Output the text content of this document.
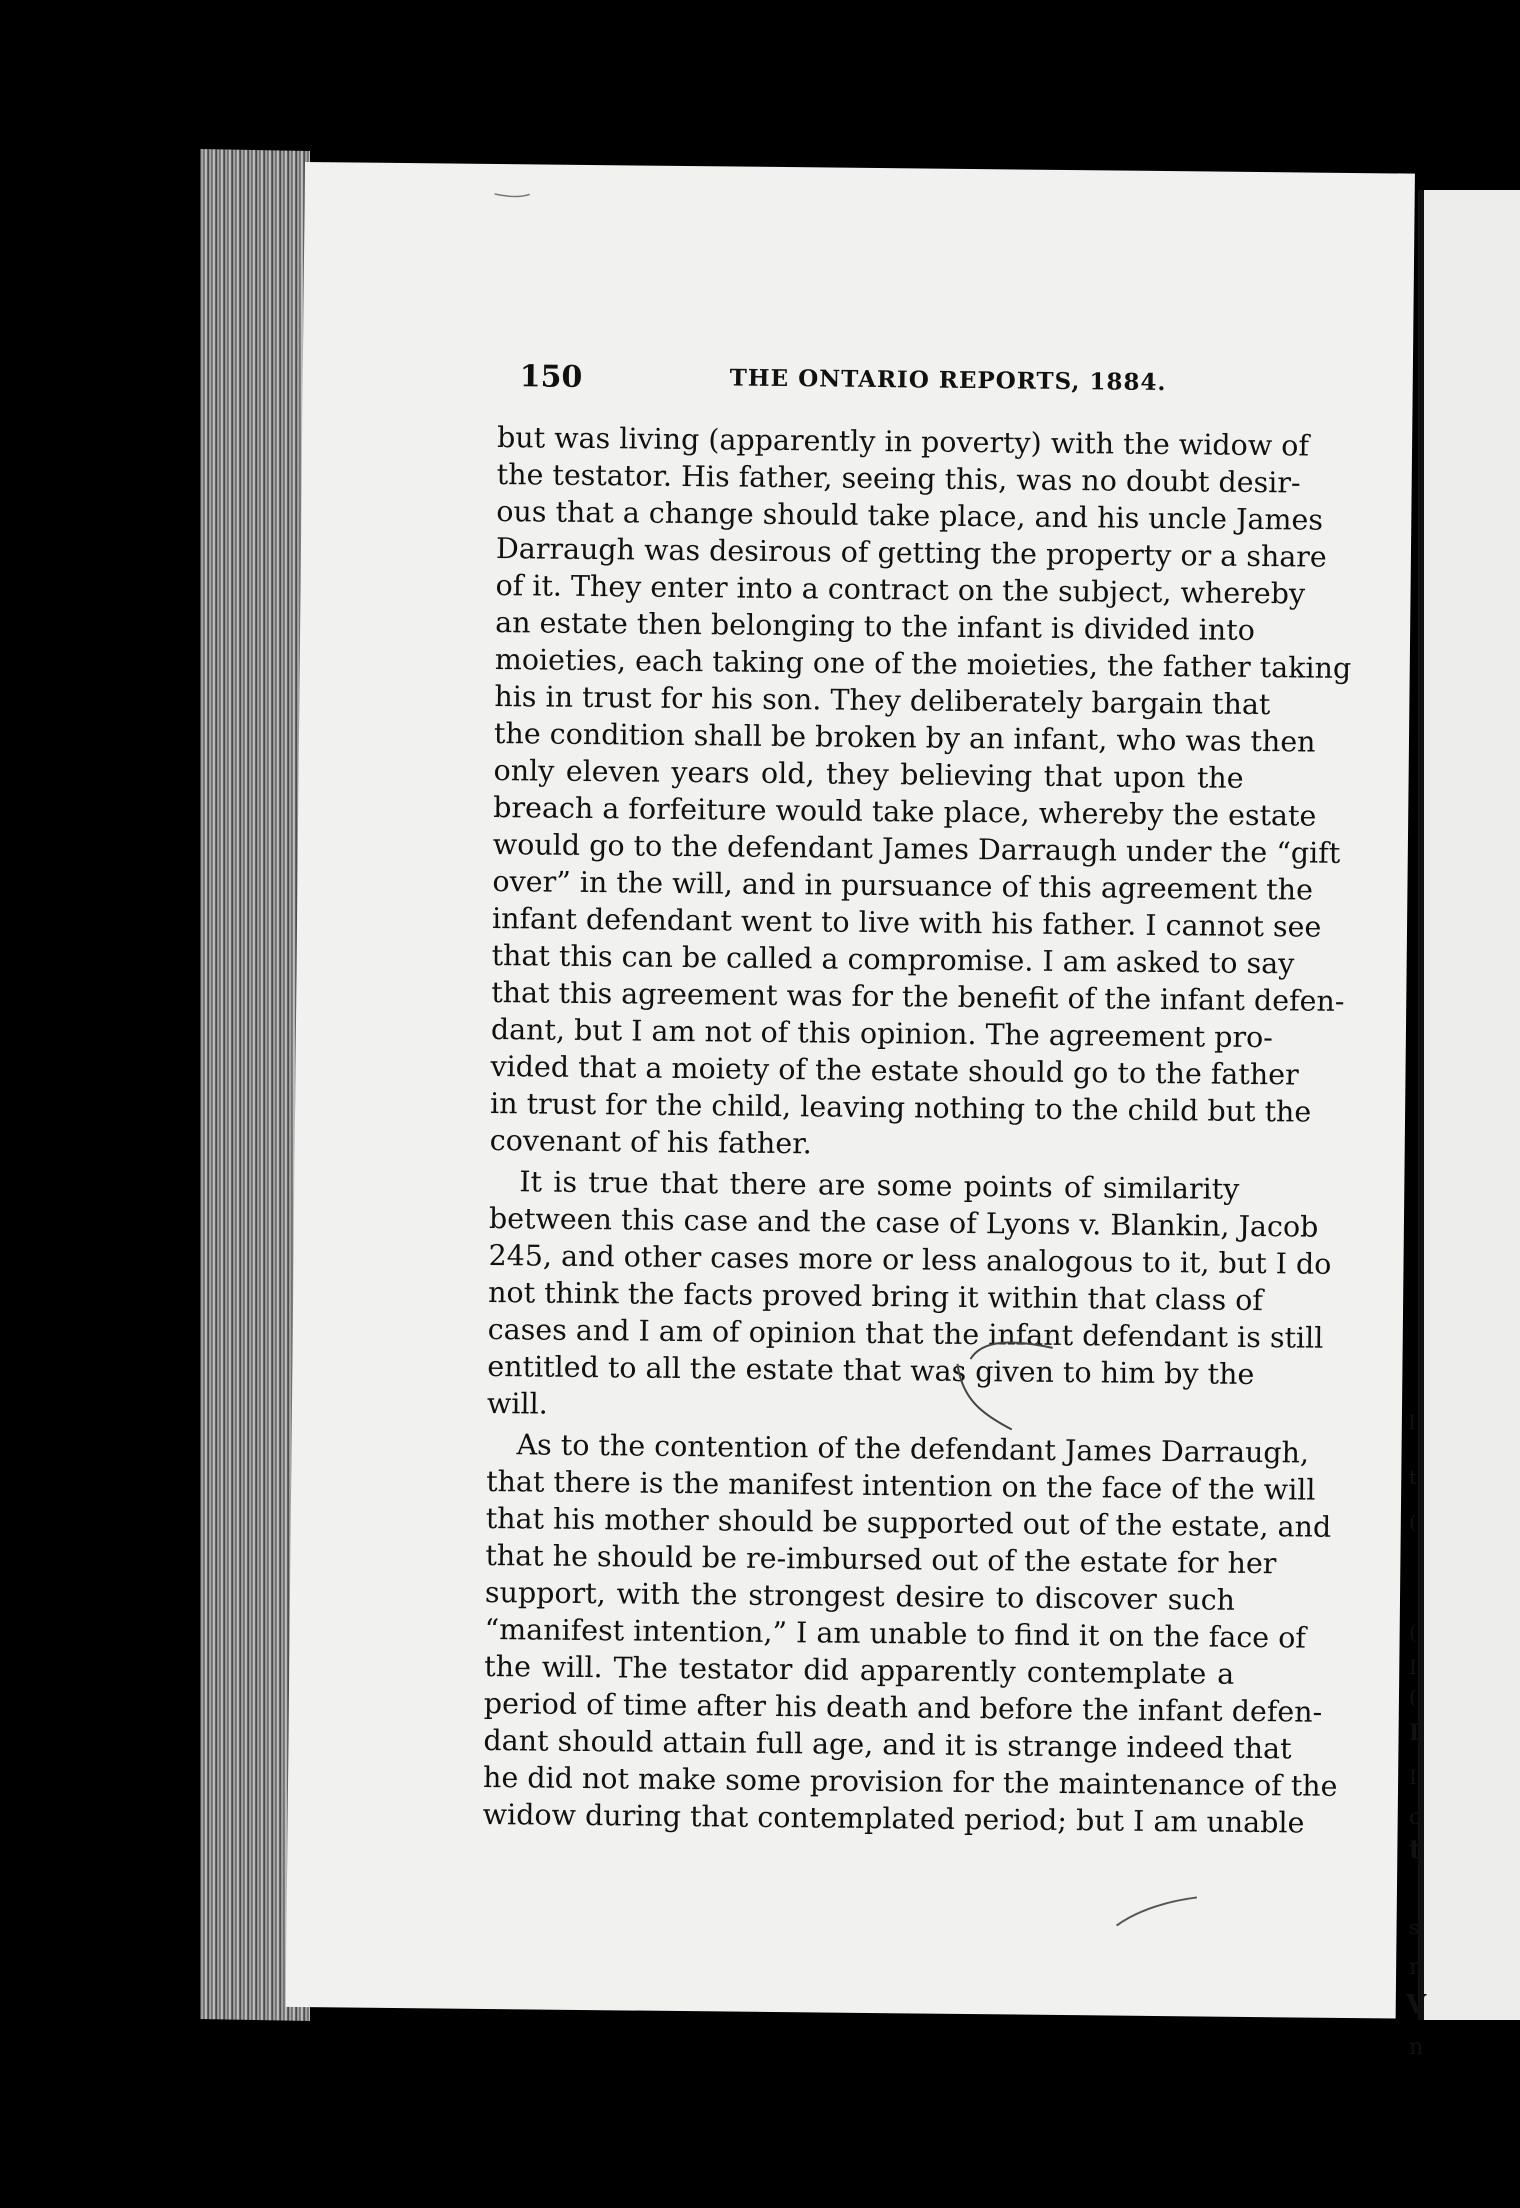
l
t
(
(
I
(
I
I
o
t
s
n
V
n
150	THE ONTARIO REPORTS, 1884.
but was living (apparently in poverty) with the widow of
the testator. His father, seeing this, was no doubt desir-
ous that a change should take place, and his uncle James
Darraugh was desirous of getting the property or a share
of it. They enter into a contract on the subject, whereby
an estate then belonging to the infant is divided into
moieties, each taking one of the moieties, the father taking
his in trust for his son. They deliberately bargain that
the condition shall be broken by an infant, who was then
only eleven years old, they believing that upon the
breach a forfeiture would take place, whereby the estate
would go to the defendant James Darraugh under the “gift
over” in the will, and in pursuance of this agreement the
infant defendant went to live with his father. I cannot see
that this can be called a compromise. I am asked to say
that this agreement was for the benefit of the infant defen-
dant, but I am not of this opinion. The agreement pro-
vided that a moiety of the estate should go to the father
in trust for the child, leaving nothing to the child but the
covenant of his father.
It is true that there are some points of similarity
between this case and the case of Lyons v. Blankin, Jacob
245, and other cases more or less analogous to it, but I do
not think the facts proved bring it within that class of
cases and I am of opinion that the infant defendant is still
entitled to all the estate that was given to him by the
will.
As to the contention of the defendant James Darraugh,
that there is the manifest intention on the face of the will
that his mother should be supported out of the estate, and
that he should be re-imbursed out of the estate for her
support, with the strongest desire to discover such
“manifest intention,” I am unable to find it on the face of
the will. The testator did apparently contemplate a
period of time after his death and before the infant defen-
dant should attain full age, and it is strange indeed that
he did not make some provision for the maintenance of the
widow during that contemplated period; but I am unable
